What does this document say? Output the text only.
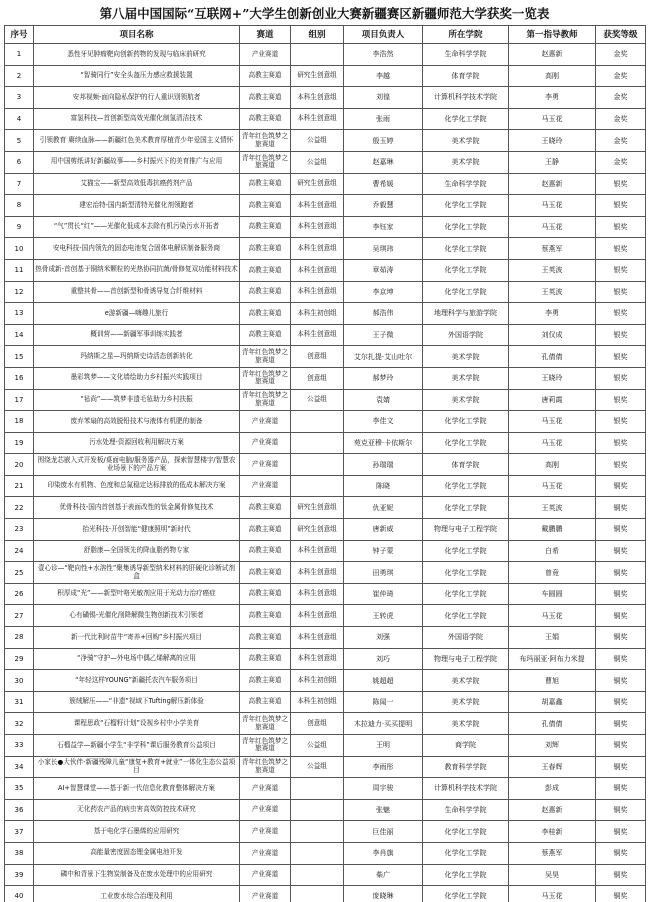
第八届中国国际“互联网+”大学生创新创业大赛新疆赛区新疆师范大学获奖一览表
序号	项目名称	赛道	组别	项目负责人	所在学院	第一指导教师	获奖等级
1	悉性牙见肿瘤靶向创新药物的发现与临床前研究	产业赛道		李浩然	生命科学学院	赵惠新	金奖
2	“智骑同行”安全头盔压力感应救援装置	高教主赛道	研究生创意组	李越	体育学院	高刚	金奖
3	安邦视频-面向隐私保护的行人重识别领航者	高教主赛道	本科生创意组	刘徨	计算机科学技术学院	李勇	金奖
4	富氢科技—首创新型高效光催化制氢清洁技术	高教主赛道	本科生创意组	张雨	化学化工学院	马玉花	金奖
5	引领教育 赓续血脉——新疆红色美术教育厚植青少年爱国主义情怀	青年红色筑梦之旅赛道	公益组	殷玉婷	美术学院	王晓玲	金奖
6	用中国剪纸讲好新疆故事——乡村振兴下的美育推广与应用	青年红色筑梦之旅赛道	公益组	赵嘉琳	美术学院	王静	金奖
7	艾猫宝——新型高效低毒抗癌药剂产品	高教主赛道	研究生创意组	曹希媛	生命科学学院	赵惠新	银奖
8	建宏治特-国内新型清特光催化剂领跑者	高教主赛道	本科生创意组	乔毅慧	化学化工学院	马玉花	银奖
9	“气”贯长“红”——光催化低成本去除有机污染污水开拓者	高教主赛道	本科生创意组	李钰家	化学化工学院	马玉花	银奖
10	安电科技-国内领先的固态电池复合固体电解质制备服务商	高教主赛道	本科生创意组	吴琪玮	化学化工学院	蔡燕军	银奖
11	热骨成新-首创基于铜纳米颗粒的光热协同抗菌/骨修复双功能材料技术	高教主赛道	本科生创意组	章茹涛	化学化工学院	王英波	银奖
12	重整其骨——首创新型和骨诱导复合纤维材料	高教主赛道	本科生创意组	李京坤	化学化工学院	王英波	银奖
13	e游新疆—嗨趣儿旅行	高教主赛道	本科生初创组	郝浩伟	地理科学与旅游学院	李勇	银奖
14	概训营——新疆军事训练实践者	高教主赛道	本科生创意组	王子微	外国语学院	刘仅成	银奖
15	玛纳斯之星—玛纳斯史诗活态创新转化	青年红色筑梦之旅赛道	创意组	艾尔扎提·艾山吐尔	美术学院	孔倩倩	银奖
16	墨彩筑梦——文化墙绘助力乡村振兴实践项目	青年红色筑梦之旅赛道	创意组	郝梦玲	美术学院	王晓玲	银奖
17	“毡尚”——筑梦非遗毛毡助力乡村扶振	青年红色筑梦之旅赛道	公益组	袁婧	美术学院	唐莉霞	银奖
18	废弃苯扇的高效脱铅技术与液体有机肥的制备	产业赛道		李佳文	化学化工学院	马玉花	银奖
19	污水处理-资源回收利用解决方案	产业赛道		苑克亚穆·卡依斯尔	化学化工学院	马玉花	银奖
20	围绕龙芯嵌入式开发板/桌面电脑/服务器产品，探索智慧楼宇/智慧农业场景下的产品方案	产业赛道		孙瑞瑞	体育学院	高刚	银奖
21	印染废水有机物、色度和总氮稳定达标排放的低成本解决方案	产业赛道		陈晓	化学化工学院	马玉花	铜奖
22	优骨科技-国内首创基于表面改性的钛金属骨修复技术	高教主赛道	研究生创意组	仇亚妮	化学化工学院	王英波	铜奖
23	抬光科技-开创智能“健康照明”新时代	高教主赛道	研究生创意组	唐新威	物理与电子工程学院	戴鹏鹏	铜奖
24	舒脂康—全国领先的降血脂药物专家	高教主赛道	本科生创意组	钟子蒙	化学化工学院	白希	铜奖
25	壹心诊—“靶向性+水溶性”聚集诱导新型纳米材料的肝硬化诊断试剂盒	高教主赛道	本科生创意组	田勇琪	化学化工学院	曾竟	铜奖
26	积厚成“光”——新型叶咯光敏剂应用于光动力治疗癌症	高教主赛道	本科生创意组	崔仲琦	化学化工学院	车圆圆	铜奖
27	心有磺锡-光催化削降解微生物创新技术引领者	高教主赛道	本科生创意组	王转虎	化学化工学院	马玉花	铜奖
28	新一代比利时苗牛“寄养+回购”乡村振兴项目	高教主赛道	本科生创意组	刘强	外国语学院	王娟	铜奖
29	“净骑”守护—外电场中偶乙烯解离的应用	高教主赛道	本科生创意组	刘巧	物理与电子工程学院	布玛丽亚·阿布力米提	铜奖
30	“年轻这样YOUNG”新疆托农汽车服务项目	高教主赛道	本科生初创组	姚超超	美术学院	曹旭	铜奖
31	簇绒解压——“非遗”视域下Tufting解压新体验	高教主赛道	本科生初创组	陈闻一	美术学院	胡嘉鑫	铜奖
32	课程思政“石榴籽计划”设视乡村中小学美育	青年红色筑梦之旅赛道	创意组	木拉迪力·买买提明	美术学院	孔倩倩	铜奖
33	石榴益学—新疆小学生“非学科”课后服务教育公益项目	青年红色筑梦之旅赛道	公益组	王明	商学院	刘辉	铜奖
34	小家长●大伙伴-新疆残障儿童“康复+教育+就业”一体化生态公益项目	青年红色筑梦之旅赛道	公益组	李雨彤	教育科学学院	王春辉	铜奖
35	AI+智慧课堂——基于新一代信息化教育整体解决方案	产业赛道		周宇骏	计算机科学技术学院	彭成	铜奖
36	无化药农产品的病虫害高效防控技术研究	产业赛道		张魅	生命科学学院	赵惠新	铜奖
37	基于电化学石墨烯的应用研究	产业赛道		巨佳丽	化学化工学院	李桂新	铜奖
38	高能量密度固态锂金属电池开发	产业赛道		李肖旗	化学化工学院	蔡燕军	铜奖
39	磷中和背景下生物炭制备及在废水处理中的应用研究	产业赛道		柴广	化学化工学院	吴昊	铜奖
40	工业废水综合治理及利用	产业赛道		庞晓琳	化学化工学院	马玉花	铜奖
